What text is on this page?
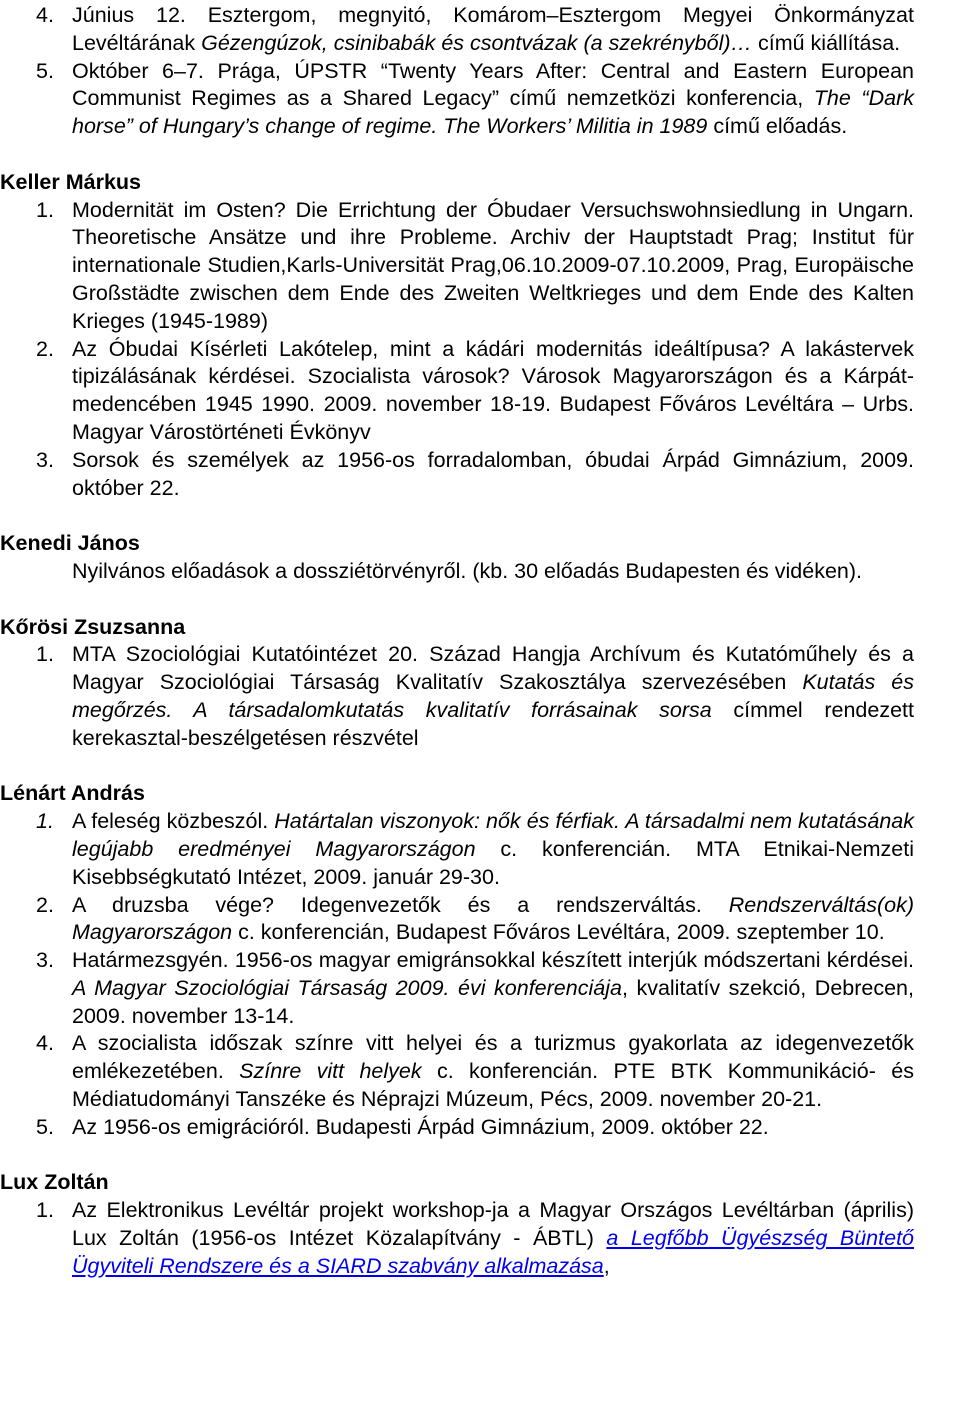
4. Június 12. Esztergom, megnyitó, Komárom–Esztergom Megyei Önkormányzat Levéltárának Gézengúzok, csinibabák és csontvázak (a szekrényből)… című kiállítása.

5. Október 6–7. Prága, ÚPSTR “Twenty Years After: Central and Eastern European Communist Regimes as a Shared Legacy” című nemzetközi konferencia, The “Dark horse” of Hungary’s change of regime. The Workers’ Militia in 1989 című előadás.

Keller Márkus

1. Modernität im Osten? Die Errichtung der Óbudaer Versuchswohnsiedlung in Ungarn. Theoretische Ansätze und ihre Probleme. Archiv der Hauptstadt Prag; Institut für internationale Studien,Karls-Universität Prag,06.10.2009-07.10.2009, Prag, Europäische Großstädte zwischen dem Ende des Zweiten Weltkrieges und dem Ende des Kalten Krieges (1945-1989)

2. Az Óbudai Kísérleti Lakótelep, mint a kádári modernitás ideáltípusa? A lakástervek tipizálásának kérdései. Szocialista városok? Városok Magyarországon és a Kárpát-medencében 1945 1990. 2009. november 18-19. Budapest Főváros Levéltára – Urbs. Magyar Várostörténeti Évkönyv

3. Sorsok és személyek az 1956-os forradalomban, óbudai Árpád Gimnázium, 2009. október 22.

Kenedi János

Nyilvános előadások a dossziétörvényről. (kb. 30 előadás Budapesten és vidéken).

Kőrösi Zsuzsanna

1. MTA Szociológiai Kutatóintézet 20. Század Hangja Archívum és Kutatóműhely és a Magyar Szociológiai Társaság Kvalitatív Szakosztálya szervezésében Kutatás és megőrzés. A társadalomkutatás kvalitatív forrásainak sorsa címmel rendezett kerekasztal-beszélgetésen részvétel

Lénárt András

1. A feleség közbeszól. Határtalan viszonyok: nők és férfiak. A társadalmi nem kutatásának legújabb eredményei Magyarországon c. konferencián. MTA Etnikai-Nemzeti Kisebbségkutató Intézet, 2009. január 29-30.

2. A druzsba vége? Idegenvezetők és a rendszerváltás. Rendszerváltás(ok) Magyarországon c. konferencián, Budapest Főváros Levéltára, 2009. szeptember 10.

3. Határmezsgyén. 1956-os magyar emigránsokkal készített interjúk módszertani kérdései. A Magyar Szociológiai Társaság 2009. évi konferenciája, kvalitatív szekció, Debrecen, 2009. november 13-14.

4. A szocialista időszak színre vitt helyei és a turizmus gyakorlata az idegenvezetők emlékezetében. Színre vitt helyek c. konferencián. PTE BTK Kommunikáció- és Médiatudományi Tanszéke és Néprajzi Múzeum, Pécs, 2009. november 20-21.

5. Az 1956-os emigrációról. Budapesti Árpád Gimnázium, 2009. október 22.

Lux Zoltán

1. Az Elektronikus Levéltár projekt workshop-ja a Magyar Országos Levéltárban (április) Lux Zoltán (1956-os Intézet Közalapítvány - ÁBTL) a Legfőbb Ügyészség Büntető Ügyviteli Rendszere és a SIARD szabvány alkalmazása,
